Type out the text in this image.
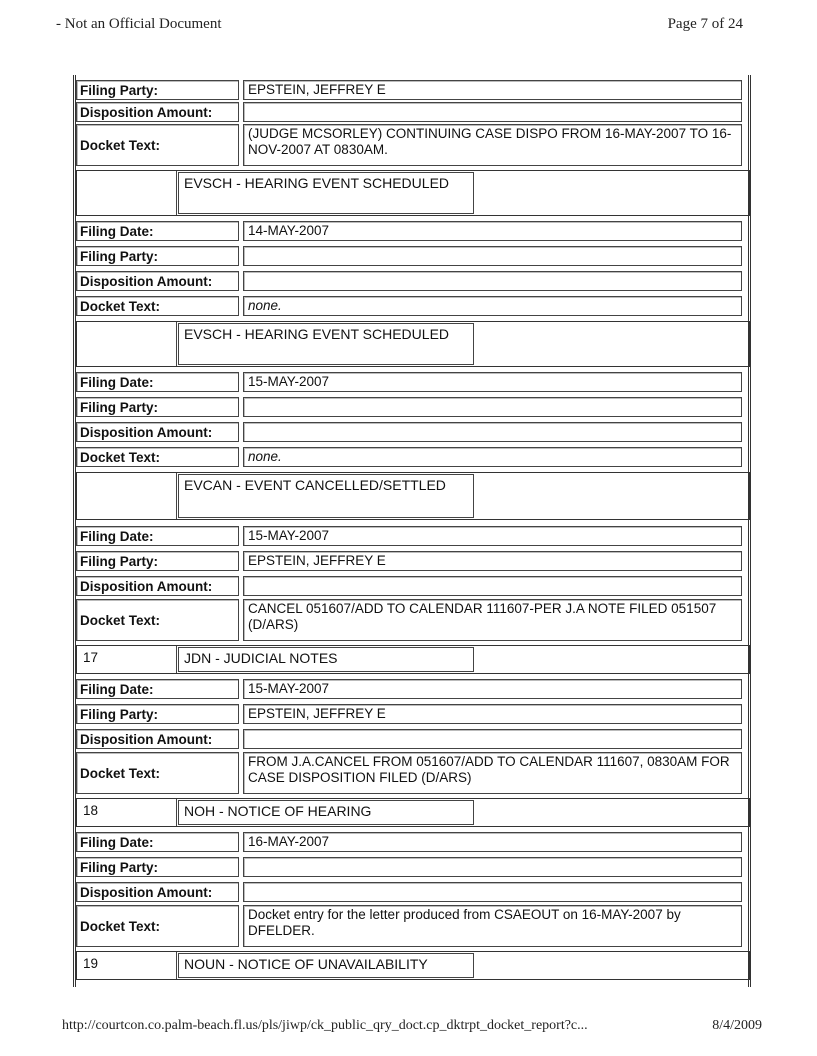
- Not an Official Document	Page 7 of 24
Filing Party:	EPSTEIN, JEFFREY E
Disposition Amount:
Docket Text:
(JUDGE MCSORLEY) CONTINUING CASE DISPO FROM 16-MAY-2007 TO 16-NOV-2007 AT 0830AM.
EVSCH - HEARING EVENT SCHEDULED
Filing Date:	14-MAY-2007
Filing Party:
Disposition Amount:
Docket Text:	none.
EVSCH - HEARING EVENT SCHEDULED
Filing Date:	15-MAY-2007
Filing Party:
Disposition Amount:
Docket Text:	none.
EVCAN - EVENT CANCELLED/SETTLED
Filing Date:	15-MAY-2007
Filing Party:	EPSTEIN, JEFFREY E
Disposition Amount:
Docket Text:
CANCEL 051607/ADD TO CALENDAR 111607-PER J.A NOTE FILED 051507 (D/ARS)
17	JDN - JUDICIAL NOTES
Filing Date:	15-MAY-2007
Filing Party:	EPSTEIN, JEFFREY E
Disposition Amount:
Docket Text:
FROM J.A.CANCEL FROM 051607/ADD TO CALENDAR 111607, 0830AM FOR CASE DISPOSITION FILED (D/ARS)
18	NOH - NOTICE OF HEARING
Filing Date:	16-MAY-2007
Filing Party:
Disposition Amount:
Docket Text:
Docket entry for the letter produced from CSAEOUT on 16-MAY-2007 by DFELDER.
19	NOUN - NOTICE OF UNAVAILABILITY
http://courtcon.co.palm-beach.fl.us/pls/jiwp/ck_public_qry_doct.cp_dktrpt_docket_report?c...	8/4/2009
